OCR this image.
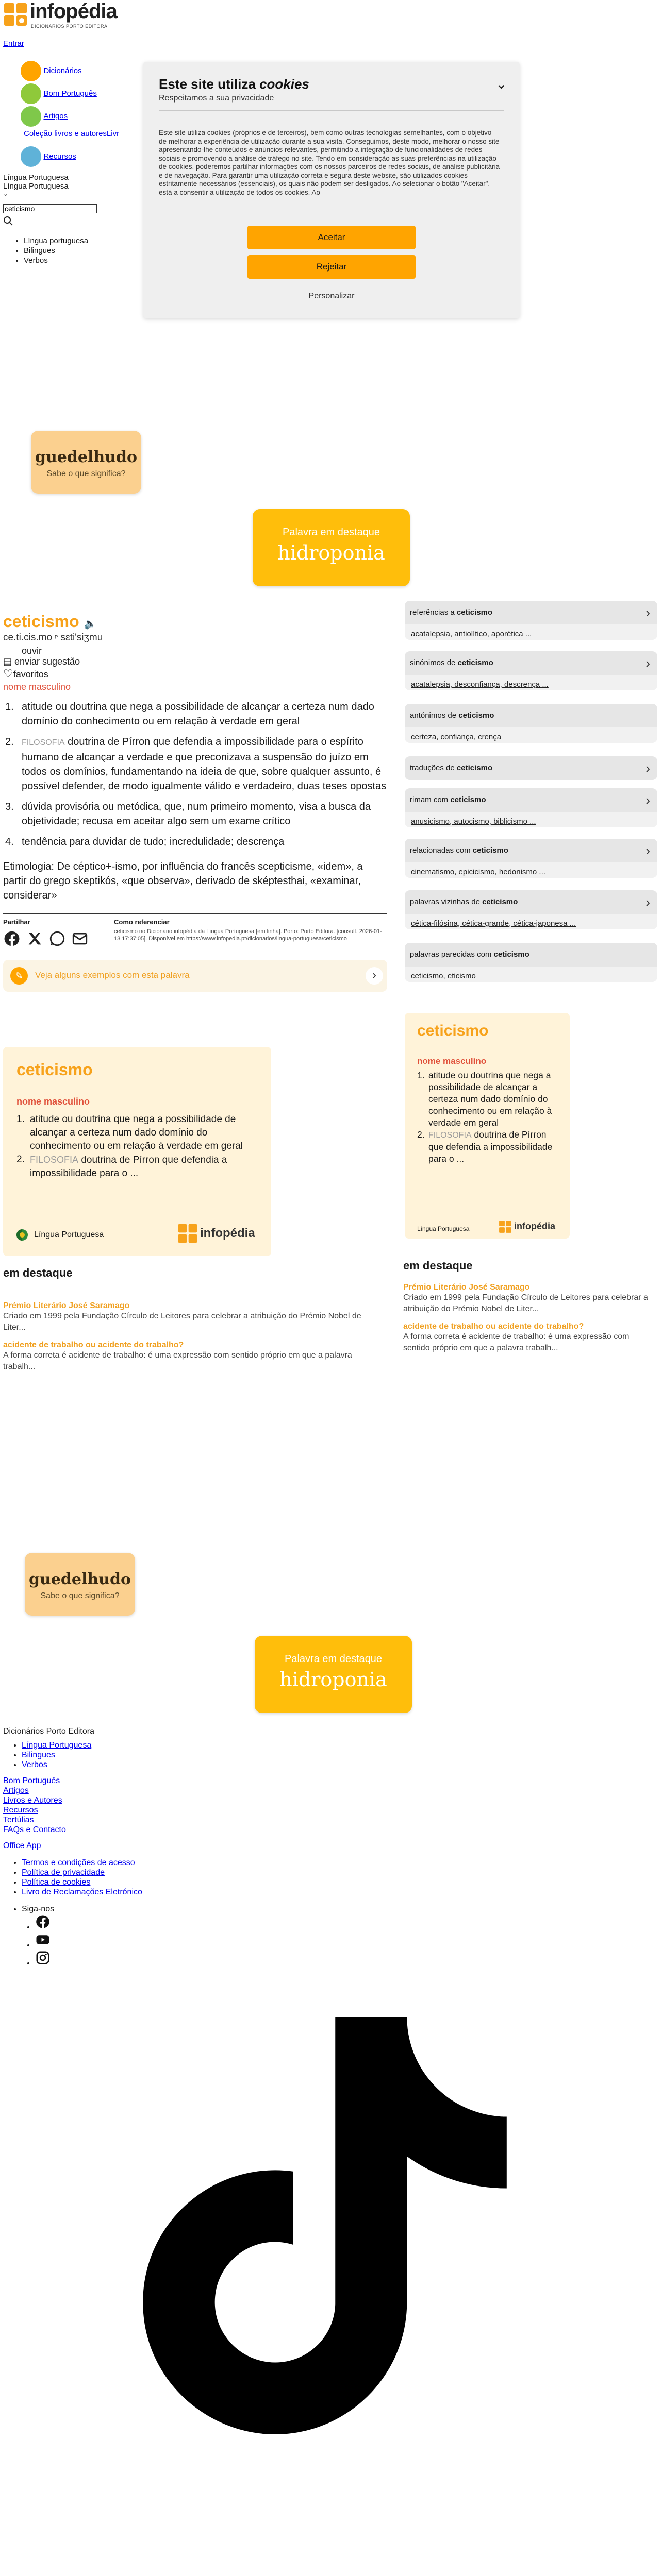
infopédia
DICIONÁRIOS PORTO EDITORA
Entrar
Dicionários
Bom Português
Artigos
Coleção livros e autoresLivr
Recursos
Língua Portuguesa
Língua Portuguesa
⌄
ceticismo
• Língua portuguesa
• Bilingues
• Verbos
Este site utiliza cookies
Respeitamos a sua privacidade
⌄
Este site utiliza cookies (próprios e de terceiros), bem como outras tecnologias semelhantes, com o objetivo de melhorar a experiência de utilização durante a sua visita. Conseguimos, deste modo, melhorar o nosso site apresentando-lhe conteúdos e anúncios relevantes, permitindo a integração de funcionalidades de redes sociais e promovendo a análise de tráfego no site. Tendo em consideração as suas preferências na utilização de cookies, poderemos partilhar informações com os nossos parceiros de redes sociais, de análise publicitária e de navegação. Para garantir uma utilização correta e segura deste website, são utilizados cookies estritamente necessários (essenciais), os quais não podem ser desligados. Ao selecionar o botão "Aceitar", está a consentir a utilização de todos os cookies. Ao
Aceitar
Rejeitar
Personalizar
guedelhudo
Sabe o que significa?
Palavra em destaque
hidroponia
ceticismo 🔈
ce.ti.cis.mo ᴾ sɛti'siʒmu
ouvir
▤ enviar sugestão
♡favoritos
nome masculino
1. atitude ou doutrina que nega a possibilidade de alcançar a certeza num dado domínio do conhecimento ou em relação à verdade em geral
2. FILOSOFIA doutrina de Pírron que defendia a impossibilidade para o espírito humano de alcançar a verdade e que preconizava a suspensão do juízo em todos os domínios, fundamentando na ideia de que, sobre qualquer assunto, é possível defender, de modo igualmente válido e verdadeiro, duas teses opostas
3. dúvida provisória ou metódica, que, num primeiro momento, visa a busca da objetividade; recusa em aceitar algo sem um exame crítico
4. tendência para duvidar de tudo; incredulidade; descrença
Etimologia: De céptico+-ismo, por influência do francês scepticisme, «idem», a partir do grego skeptikós, «que observa», derivado de sképtesthai, «examinar, considerar»
Partilhar	Como referenciar
ceticismo no Dicionário infopédia da Língua Portuguesa [em linha]. Porto: Porto Editora. [consult. 2026-01-13 17:37:05]. Disponível em https://www.infopedia.pt/dicionarios/lingua-portuguesa/ceticismo
✎	Veja alguns exemplos com esta palavra	›
referências a ceticismo	›
acatalepsia, antiolítico, aporética ...
sinónimos de ceticismo	›
acatalepsia, desconfiança, descrença ...
antónimos de ceticismo
certeza, confiança, crença
traduções de ceticismo	›
rimam com ceticismo	›
anusicismo, autocismo, biblicismo ...
relacionadas com ceticismo	›
cinematismo, epicicismo, hedonismo ...
palavras vizinhas de ceticismo	›
cética-filósina, cética-grande, cética-japonesa ...
palavras parecidas com ceticismo
ceticismo, eticismo
ceticismo
nome masculino
1. atitude ou doutrina que nega a possibilidade de alcançar a certeza num dado domínio do conhecimento ou em relação à verdade em geral
2. FILOSOFIA doutrina de Pírron que defendia a impossibilidade para o ...
Língua Portuguesa	infopédia
ceticismo
nome masculino
1. atitude ou doutrina que nega a possibilidade de alcançar a certeza num dado domínio do conhecimento ou em relação à verdade em geral
2. FILOSOFIA doutrina de Pírron que defendia a impossibilidade para o ...
Língua Portuguesa	infopédia
em destaque
Prémio Literário José Saramago
Criado em 1999 pela Fundação Círculo de Leitores para celebrar a atribuição do Prémio Nobel de Liter...
acidente de trabalho ou acidente do trabalho?
A forma correta é acidente de trabalho: é uma expressão com sentido próprio em que a palavra trabalh...
em destaque
Prémio Literário José Saramago
Criado em 1999 pela Fundação Círculo de Leitores para celebrar a atribuição do Prémio Nobel de Liter...
acidente de trabalho ou acidente do trabalho?
A forma correta é acidente de trabalho: é uma expressão com sentido próprio em que a palavra trabalh...
guedelhudo
Sabe o que significa?
Palavra em destaque
hidroponia
Dicionários Porto Editora
• Língua Portuguesa
• Bilingues
• Verbos
Bom Português
Artigos
Livros e Autores
Recursos
Tertúlias
FAQs e Contacto
Office App
• Termos e condições de acesso
• Política de privacidade
• Política de cookies
• Livro de Reclamações Eletrónico
• Siga-nos
•
•
•
